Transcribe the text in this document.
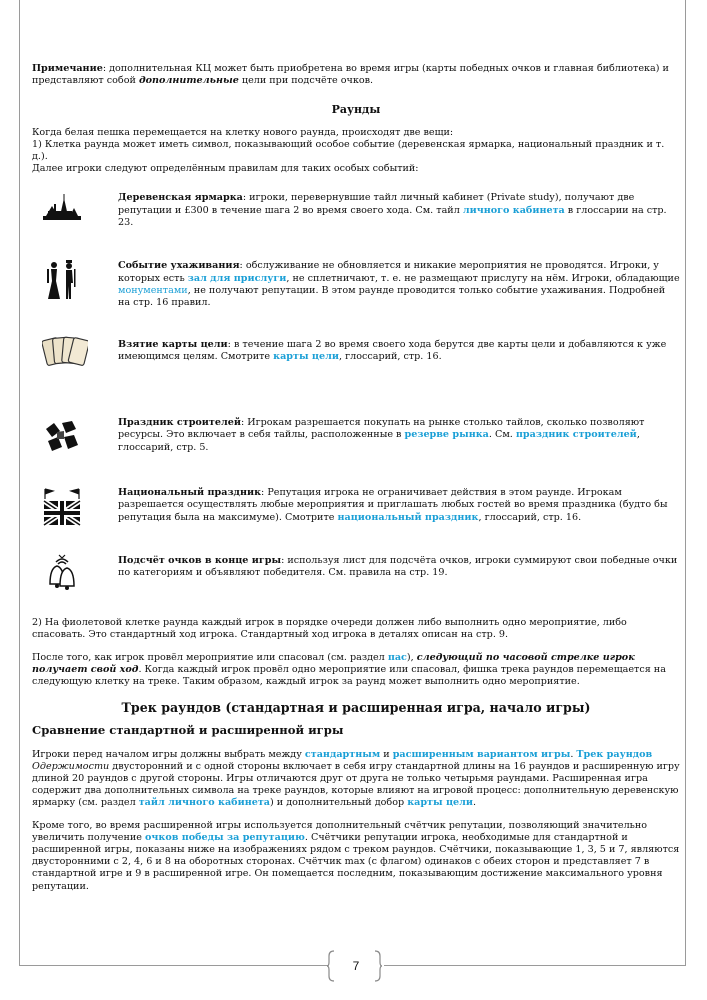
7

Примечание: дополнительная КЦ может быть приобретена во время игры (карты победных очков и главная библиотека) и представляют собой дополнительные цели при подсчёте очков.

Раунды

Когда белая пешка перемещается на клетку нового раунда, происходят две вещи:
1) Клетка раунда может иметь символ, показывающий особое событие (деревенская ярмарка, национальный праздник и т. д.).
Далее игроки следуют определённым правилам для таких особых событий:

Деревенская ярмарка: игроки, перевернувшие тайл личный кабинет (Private study), получают две репутации и £300 в течение шага 2 во время своего хода. См. тайл личного кабинета в глоссарии на стр. 23.
Событие ухаживания: обслуживание не обновляется и никакие мероприятия не проводятся. Игроки, у которых есть зал для прислуги, не сплетничают, т. е. не размещают прислугу на нём. Игроки, обладающие монументами, не получают репутации. В этом раунде проводится только событие ухаживания. Подробней на стр. 16 правил.
Взятие карты цели: в течение шага 2 во время своего хода берутся две карты цели и добавляются к уже имеющимся целям. Смотрите карты цели, глоссарий, стр. 16.
Праздник строителей: Игрокам разрешается покупать на рынке столько тайлов, сколько позволяют ресурсы. Это включает в себя тайлы, расположенные в резерве рынка. См. праздник строителей, глоссарий, стр. 5.
Национальный праздник: Репутация игрока не ограничивает действия в этом раунде. Игрокам разрешается осуществлять любые мероприятия и приглашать любых гостей во время праздника (будто бы репутация была на максимуме). Смотрите национальный праздник, глоссарий, стр. 16.
Подсчёт очков в конце игры: используя лист для подсчёта очков, игроки суммируют свои победные очки по категориям и объявляют победителя. См. правила на стр. 19.

2) На фиолетовой клетке раунда каждый игрок в порядке очереди должен либо выполнить одно мероприятие, либо спасовать. Это стандартный ход игрока. Стандартный ход игрока в деталях описан на стр. 9.

После того, как игрок провёл мероприятие или спасовал (см. раздел пас), следующий по часовой стрелке игрок получает свой ход. Когда каждый игрок провёл одно мероприятие или спасовал, фишка трека раундов перемещается на следующую клетку на треке. Таким образом, каждый игрок за раунд может выполнить одно мероприятие.

Трек раундов (стандартная и расширенная игра, начало игры)
Сравнение стандартной и расширенной игры

Игроки перед началом игры должны выбрать между стандартным и расширенным вариантом игры. Трек раундов
Одержимости двусторонний и с одной стороны включает в себя игру стандартной длины на 16 раундов и расширенную игру длиной 20 раундов с другой стороны. Игры отличаются друг от друга не только четырьмя раундами. Расширенная игра содержит два дополнительных символа на треке раундов, которые влияют на игровой процесс: дополнительную деревенскую ярмарку (см. раздел тайл личного кабинета) и дополнительный добор карты цели.

Кроме того, во время расширенной игры используется дополнительный счётчик репутации, позволяющий значительно увеличить получение очков победы за репутацию. Счётчики репутации игрока, необходимые для стандартной и расширенной игры, показаны ниже на изображениях рядом с треком раундов. Счётчики, показывающие 1, 3, 5 и 7, являются двусторонними с 2, 4, 6 и 8 на оборотных сторонах. Счётчик max (с флагом) одинаков с обеих сторон и представляет 7 в стандартной игре и 9 в расширенной игре. Он помещается последним, показывающим достижение максимального уровня репутации.
